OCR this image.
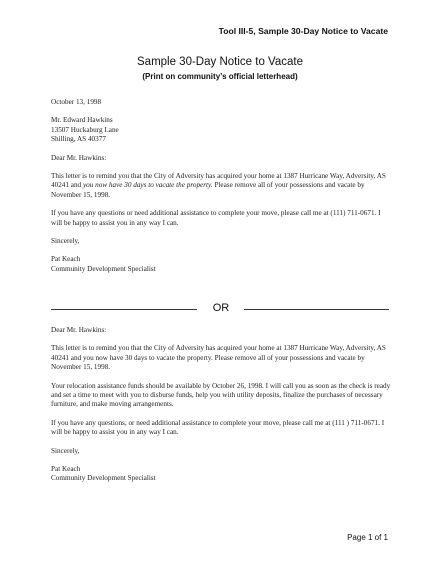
Tool III-5, Sample 30-Day Notice to Vacate
Sample 30-Day Notice to Vacate
(Print on community’s official letterhead)

October 13, 1998

Mr. Edward Hawkins
13507 Huckaburg Lane
Shilling, AS 40377

Dear Mr. Hawkins:

This letter is to remind you that the City of Adversity has acquired your home at 1387 Hurricane Way, Adversity, AS 40241 and you now have 30 days to vacate the property. Please remove all of your possessions and vacate by November 15, 1998.

If you have any questions or need additional assistance to complete your move, please call me at (111) 711-0671. I will be happy to assist you in any way I can.

Sincerely,

Pat Keach
Community Development Specialist

OR

Dear Mr. Hawkins:

This letter is to remind you that the City of Adversity has acquired your home at 1387 Hurricane Way, Adversity, AS 40241 and you now have 30 days to vacate the property. Please remove all of your possessions and vacate by November 15, 1998.

Your relocation assistance funds should be available by October 26, 1998. I will call you as soon as the check is ready and set a time to meet with you to disburse funds, help you with utility deposits, finalize the purchases of necessary furniture, and make moving arrangements.

If you have any questions, or need additional assistance to complete your move, please call me at (111 ) 711-0671. I will be happy to assist you in any way I can.

Sincerely,

Pat Keach
Community Development Specialist

Page 1 of 1
